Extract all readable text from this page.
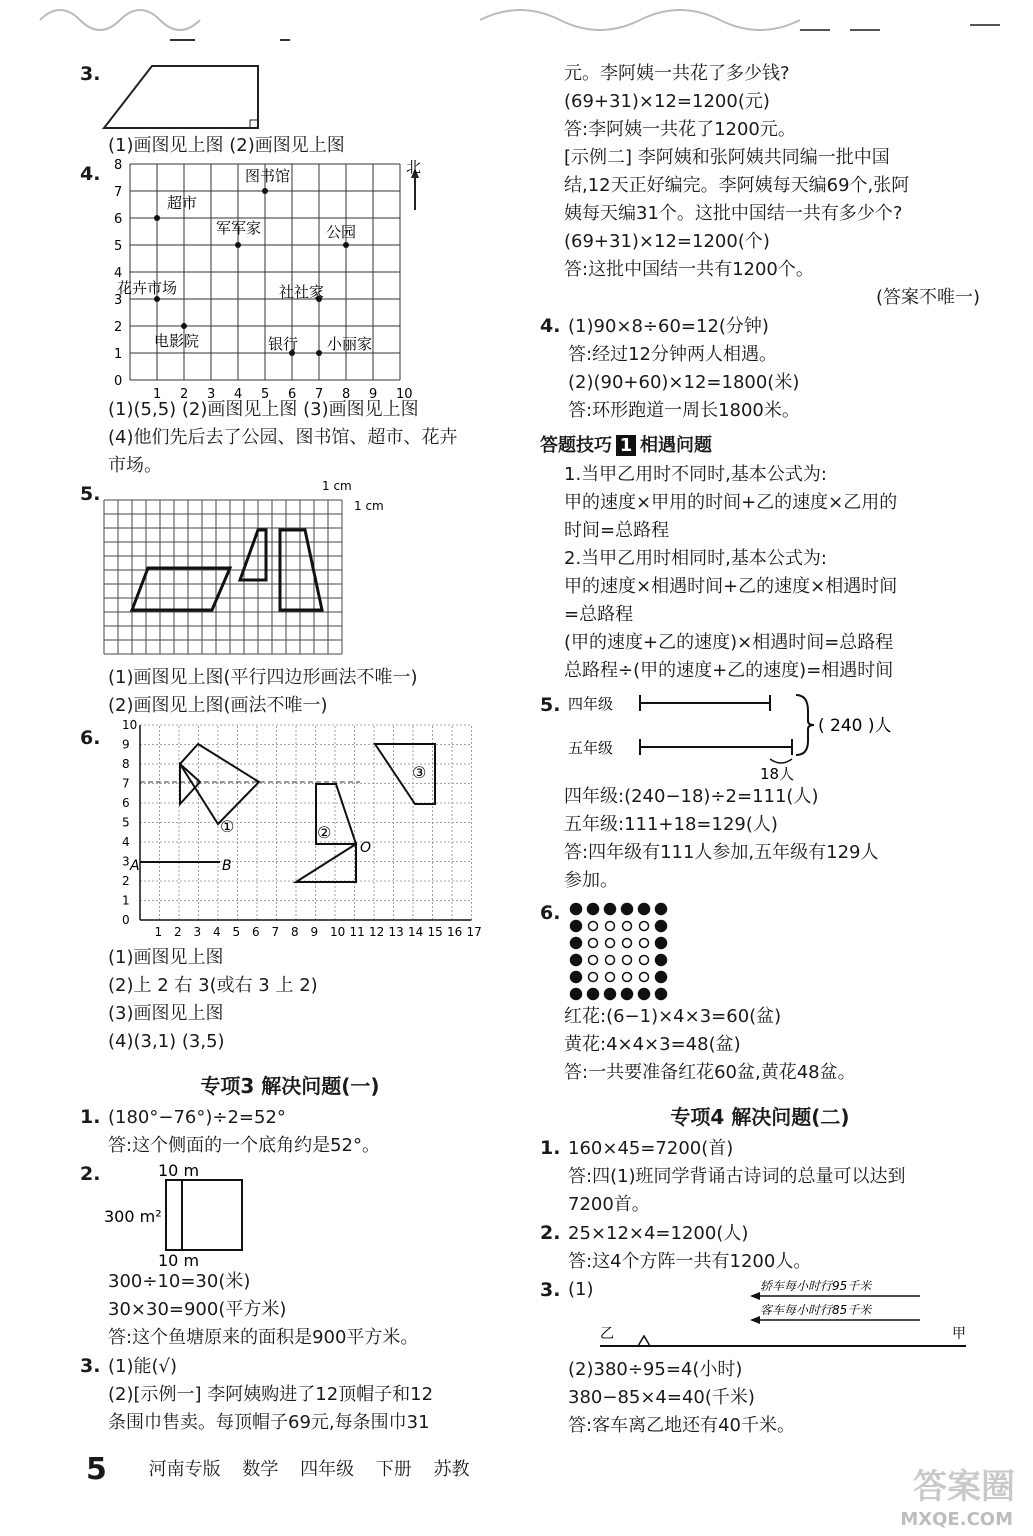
3.
(1)画图见上图 (2)画图见上图
4.
1 2 3 4 5 6 7 8 9 10
0
1
2
3
4
5
6
7
8
超市
图书馆
军军家	公园
花卉市场	社社家
电影院	银行 小丽家
北
(1)(5,5) (2)画图见上图 (3)画图见上图
(4)他们先后去了公园、图书馆、超市、花卉
市场。
5.	1 cm
1 cm
(1)画图见上图(平行四边形画法不唯一)
(2)画图见上图(画法不唯一)
6.
1 2 3 4 5 6 7 8 9 10 11 12 13 14 15 16 17
0
1
2
3
4
5
6
7
8
9
10
①	②
③
A	B
O
(1)画图见上图
(2)上 2 右 3(或右 3 上 2)
(3)画图见上图
(4)(3,1) (3,5)
专项3 解决问题(一)
1. (180°−76°)÷2=52°
答:这个侧面的一个底角约是52°。
2.	10 m
300 m²
10 m
300÷10=30(米)
30×30=900(平方米)
答:这个鱼塘原来的面积是900平方米。
3. (1)能(√)
(2)[示例一] 李阿姨购进了12顶帽子和12
条围巾售卖。每顶帽子69元,每条围巾31
元。李阿姨一共花了多少钱?
(69+31)×12=1200(元)
答:李阿姨一共花了1200元。
[示例二] 李阿姨和张阿姨共同编一批中国
结,12天正好编完。李阿姨每天编69个,张阿
姨每天编31个。这批中国结一共有多少个?
(69+31)×12=1200(个)
答:这批中国结一共有1200个。
(答案不唯一)
4. (1)90×8÷60=12(分钟)
答:经过12分钟两人相遇。
(2)(90+60)×12=1800(米)
答:环形跑道一周长1800米。
答题技巧 1 相遇问题
1.当甲乙用时不同时,基本公式为:
甲的速度×甲用的时间+乙的速度×乙用的
时间=总路程
2.当甲乙用时相同时,基本公式为:
甲的速度×相遇时间+乙的速度×相遇时间
=总路程
(甲的速度+乙的速度)×相遇时间=总路程
总路程÷(甲的速度+乙的速度)=相遇时间
5. 四年级
五年级
( 240 )人
18人
四年级:(240−18)÷2=111(人)
五年级:111+18=129(人)
答:四年级有111人参加,五年级有129人
参加。
6.
红花:(6−1)×4×3=60(盆)
黄花:4×4×3=48(盆)
答:一共要准备红花60盆,黄花48盆。
专项4 解决问题(二)
1. 160×45=7200(首)
答:四(1)班同学背诵古诗词的总量可以达到
7200首。
2. 25×12×4=1200(人)
答:这4个方阵一共有1200人。
3. (1)	轿车每小时行95千米
客车每小时行85千米
乙	甲
(2)380÷95=4(小时)
380−85×4=40(千米)
答:客车离乙地还有40千米。
5 河南专版 数学 四年级 下册 苏教	答案圈
MXQE.COM
